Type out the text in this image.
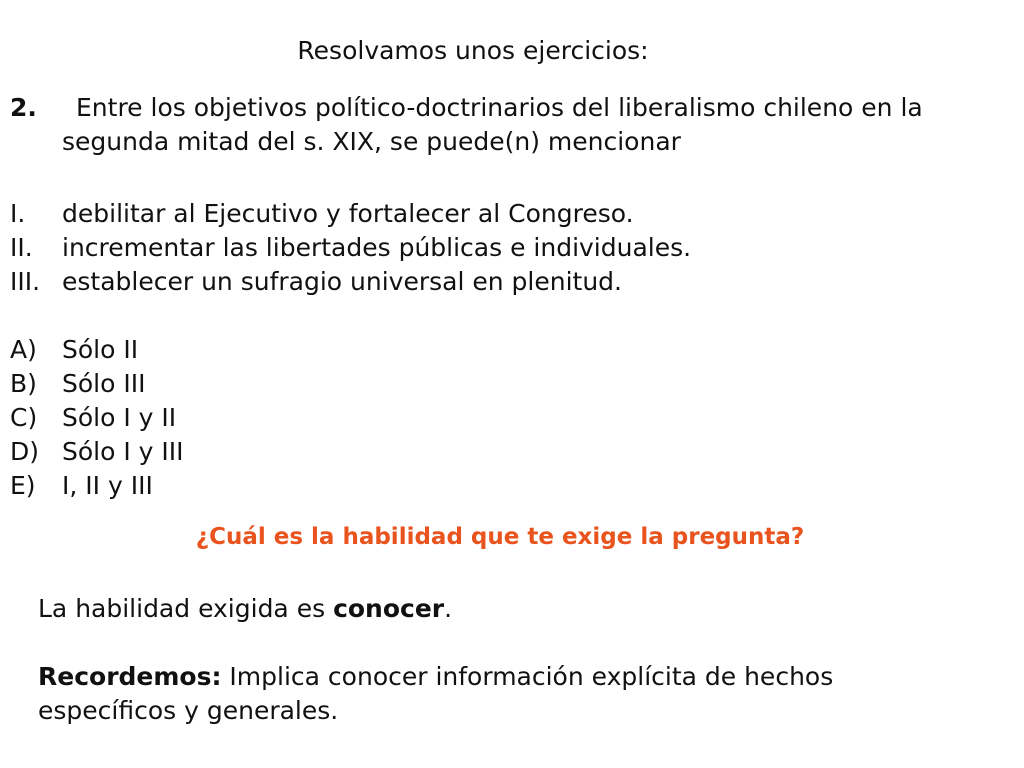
Resolvamos unos ejercicios:
2.	Entre los objetivos político-doctrinarios del liberalismo chileno en la segunda mitad del s. XIX, se puede(n) mencionar
I. debilitar al Ejecutivo y fortalecer al Congreso.
II. incrementar las libertades públicas e individuales.
III. establecer un sufragio universal en plenitud.
A) Sólo II
B) Sólo III
C) Sólo I y II
D) Sólo I y III
E) I, II y III
¿Cuál es la habilidad que te exige la pregunta?

La habilidad exigida es conocer.

Recordemos: Implica conocer información explícita de hechos específicos y generales.
